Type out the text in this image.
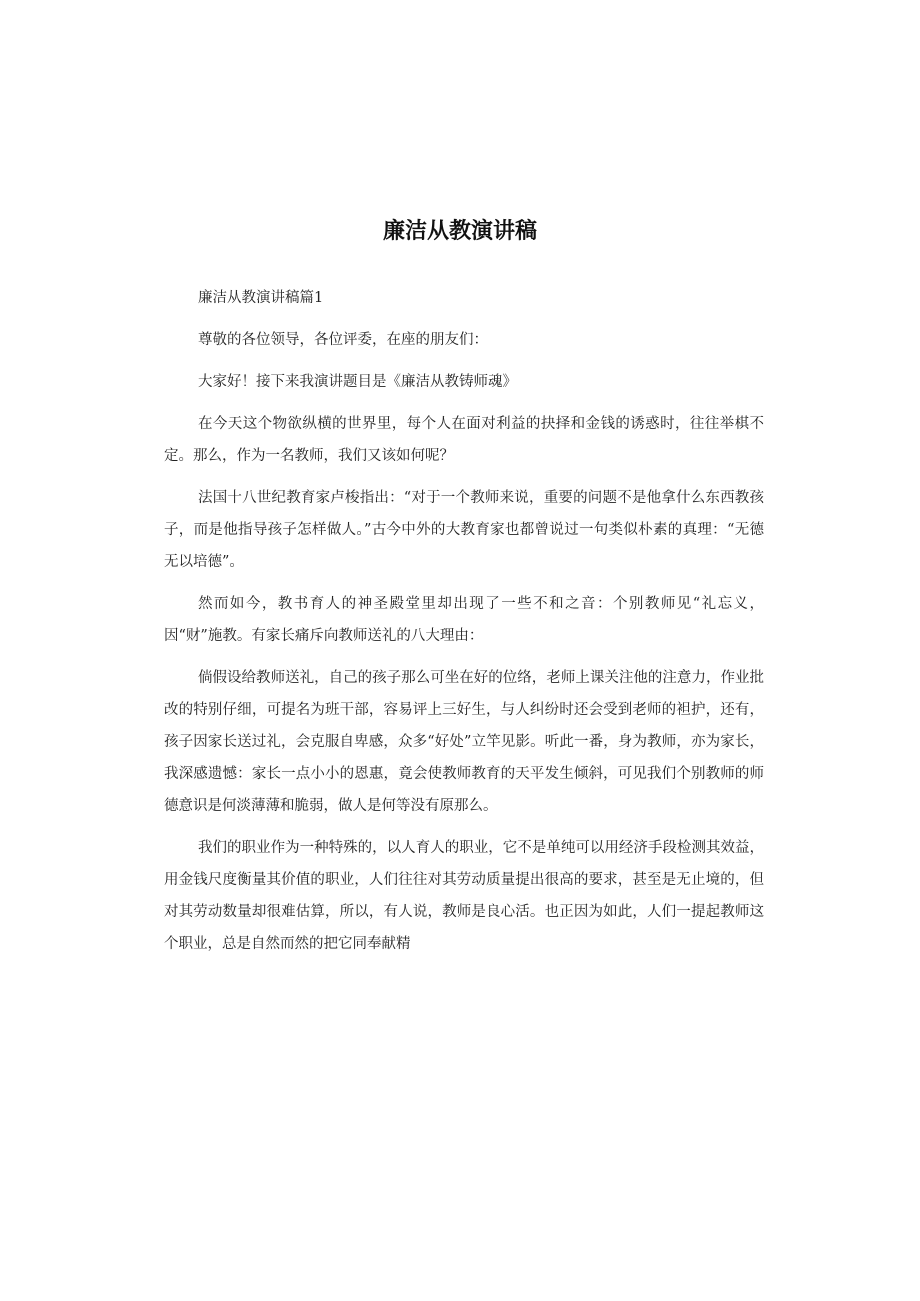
廉洁从教演讲稿

廉洁从教演讲稿篇1

尊敬的各位领导，各位评委，在座的朋友们：

大家好！接下来我演讲题目是《廉洁从教铸师魂》

在今天这个物欲纵横的世界里，每个人在面对利益的抉择和金钱的诱惑时，往往举棋不定。那么，作为一名教师，我们又该如何呢？

法国十八世纪教育家卢梭指出：“对于一个教师来说，重要的问题不是他拿什么东西教孩子，而是他指导孩子怎样做人。”古今中外的大教育家也都曾说过一句类似朴素的真理：“无德无以培德”。

然而如今，教书育人的神圣殿堂里却出现了一些不和之音：个别教师见“礼忘义，因“财”施教。有家长痛斥向教师送礼的八大理由：

倘假设给教师送礼，自己的孩子那么可坐在好的位络，老师上课关注他的注意力，作业批改的特别仔细，可提名为班干部，容易评上三好生，与人纠纷时还会受到老师的袒护，还有，孩子因家长送过礼，会克服自卑感，众多“好处”立竿见影。听此一番，身为教师，亦为家长，我深感遗憾：家长一点小小的恩惠，竟会使教师教育的天平发生倾斜，可见我们个别教师的师德意识是何淡薄薄和脆弱，做人是何等没有原那么。

我们的职业作为一种特殊的，以人育人的职业，它不是单纯可以用经济手段检测其效益，用金钱尺度衡量其价值的职业，人们往往对其劳动质量提出很高的要求，甚至是无止境的，但对其劳动数量却很难估算，所以，有人说，教师是良心活。也正因为如此，人们一提起教师这个职业，总是自然而然的把它同奉献精
